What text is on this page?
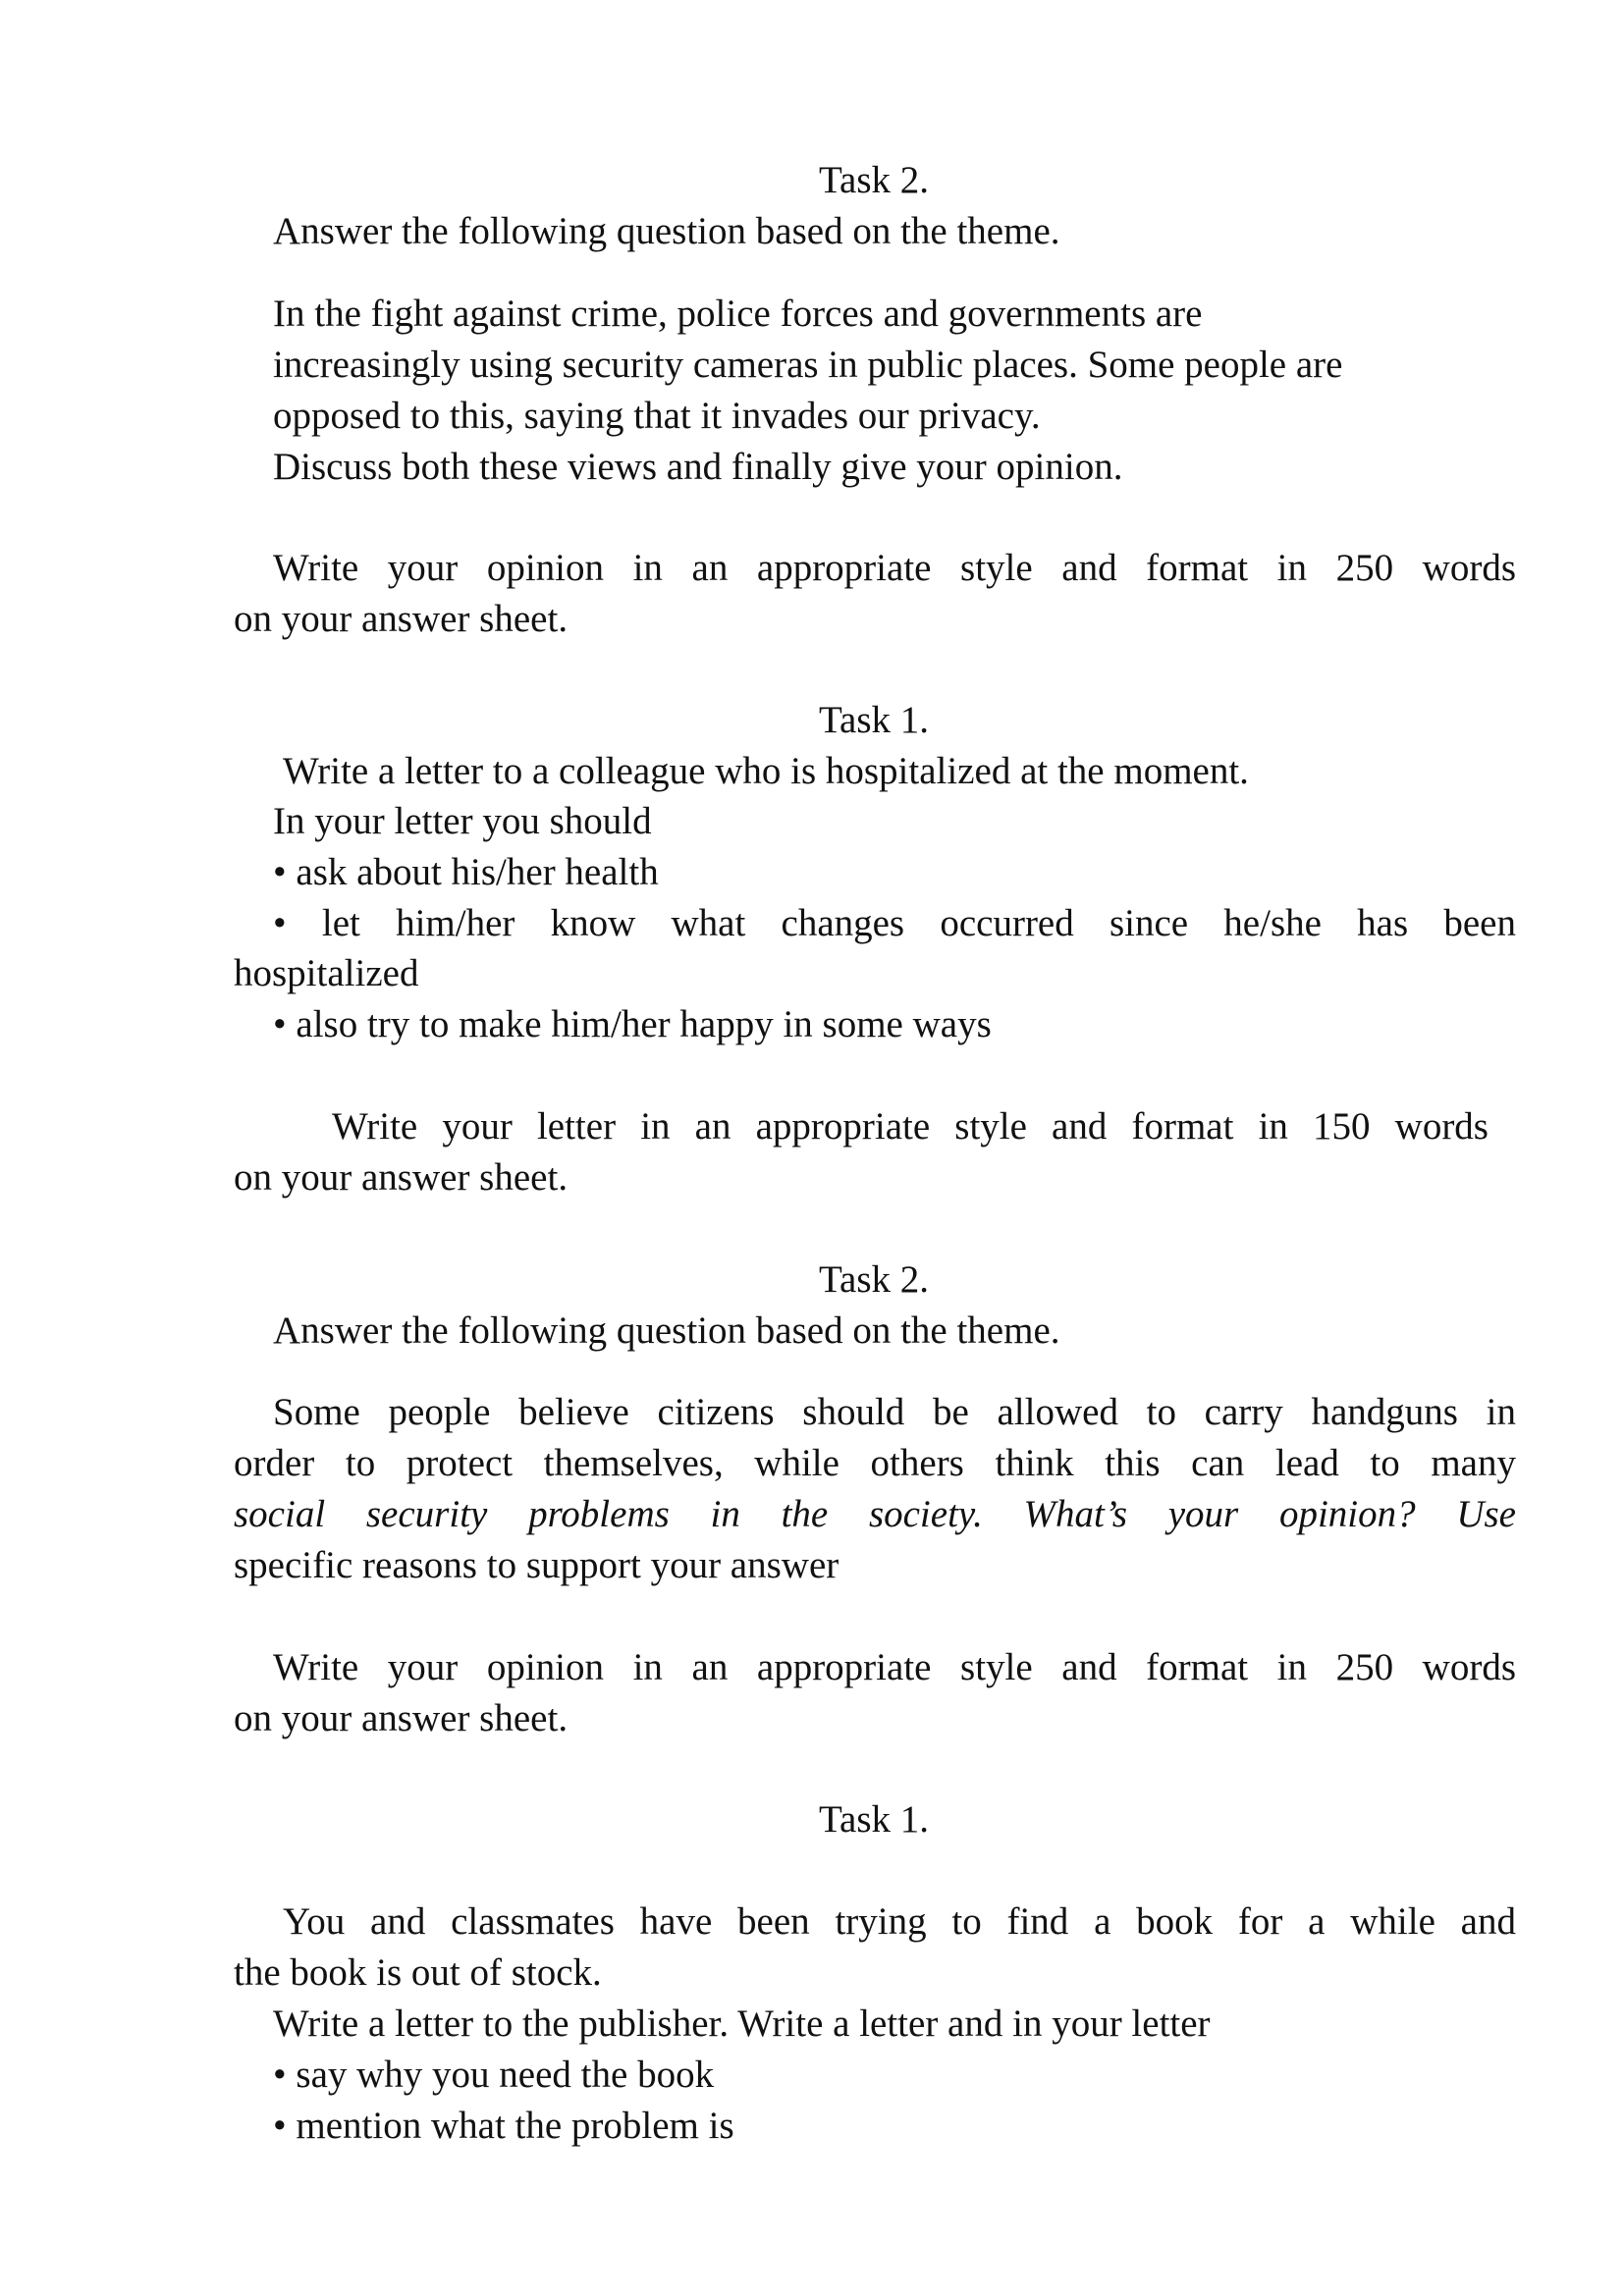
Task 2.
Answer the following question based on the theme.
In the fight against crime, police forces and governments are
increasingly using security cameras in public places. Some people are
opposed to this, saying that it invades our privacy.
Discuss both these views and finally give your opinion.
Write your opinion in an appropriate style and format in 250 words
on your answer sheet.
Task 1.
Write a letter to a colleague who is hospitalized at the moment.
In your letter you should
• ask about his/her health
• let him/her know what changes occurred since he/she has been
hospitalized
• also try to make him/her happy in some ways
Write your letter in an appropriate style and format in 150 words
on your answer sheet.
Task 2.
Answer the following question based on the theme.
Some people believe citizens should be allowed to carry handguns in
order to protect themselves, while others think this can lead to many
social security problems in the society. What’s your opinion? Use
specific reasons to support your answer
Write your opinion in an appropriate style and format in 250 words
on your answer sheet.
Task 1.
You and classmates have been trying to find a book for a while and
the book is out of stock.
Write a letter to the publisher. Write a letter and in your letter
• say why you need the book
• mention what the problem is
